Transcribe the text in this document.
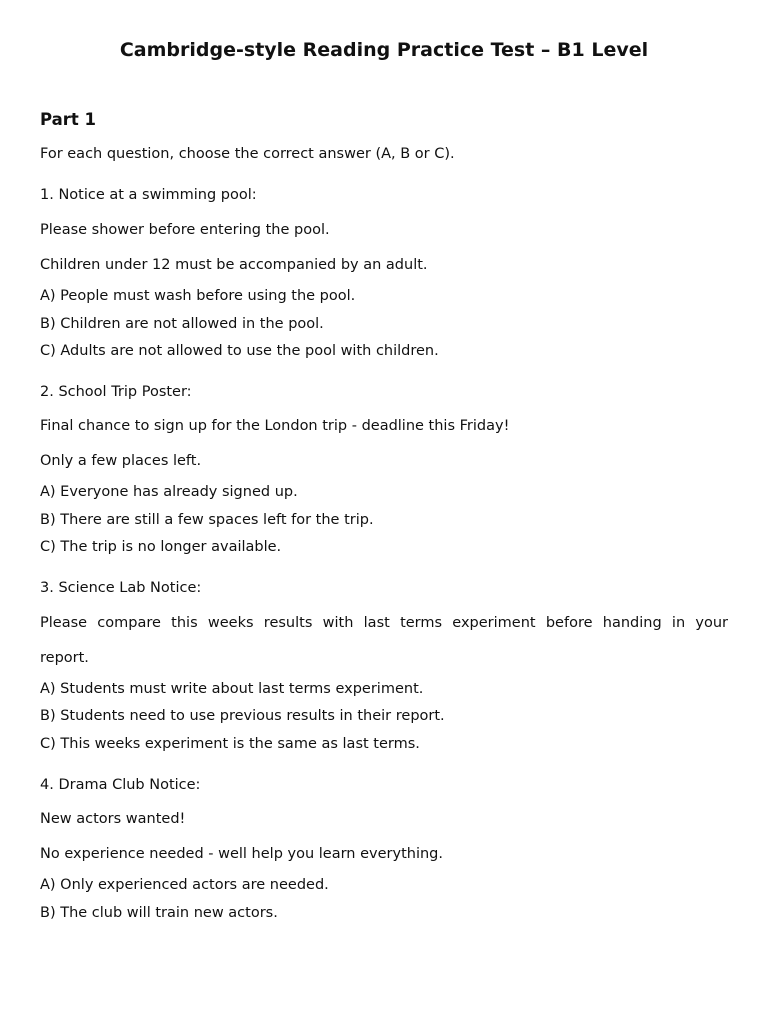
Cambridge-style Reading Practice Test – B1 Level
Part 1

For each question, choose the correct answer (A, B or C).

1. Notice at a swimming pool:

Please shower before entering the pool.

Children under 12 must be accompanied by an adult.

A) People must wash before using the pool.

B) Children are not allowed in the pool.

C) Adults are not allowed to use the pool with children.

2. School Trip Poster:

Final chance to sign up for the London trip - deadline this Friday!

Only a few places left.

A) Everyone has already signed up.

B) There are still a few spaces left for the trip.

C) The trip is no longer available.

3. Science Lab Notice:

Please compare this weeks results with last terms experiment before handing in your

report.

A) Students must write about last terms experiment.

B) Students need to use previous results in their report.

C) This weeks experiment is the same as last terms.

4. Drama Club Notice:

New actors wanted!

No experience needed - well help you learn everything.

A) Only experienced actors are needed.

B) The club will train new actors.
